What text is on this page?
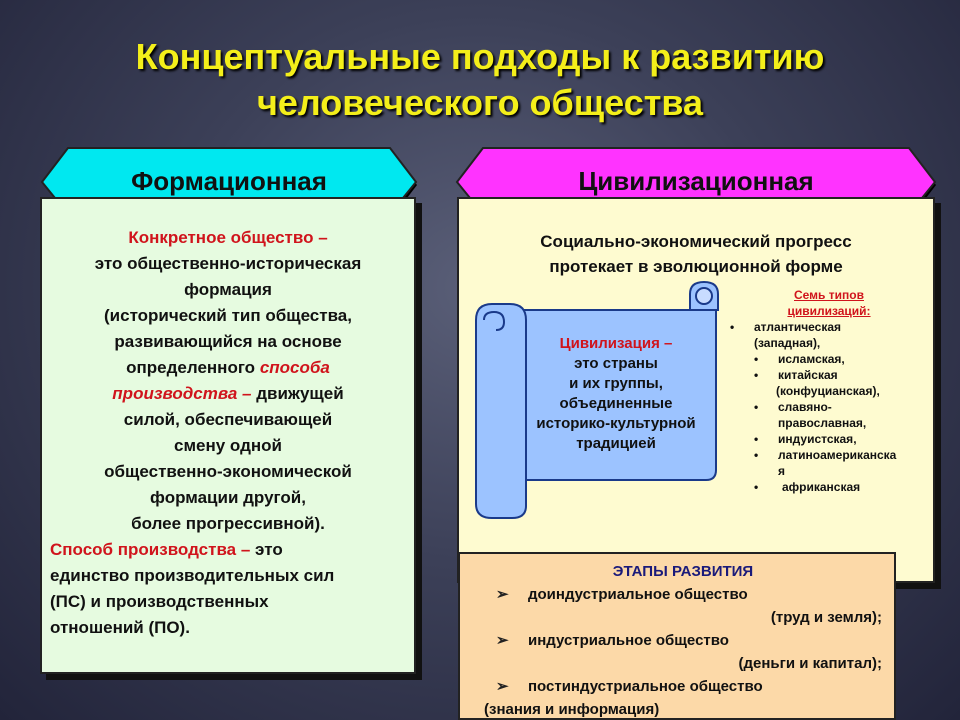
Концептуальные подходы к развитию
человеческого общества
Формационная	Цивилизационная
Конкретное общество –
это общественно-историческая
формация
(исторический тип общества,
развивающийся на основе
определенного способа
производства – движущей
силой, обеспечивающей
смену одной
общественно-экономической
формации другой,
более прогрессивной).
Способ производства – это
единство производительных сил
(ПС) и производственных
отношений (ПО).
Социально-экономический прогресс
протекает в эволюционной форме
Цивилизация –
это страны
и их группы,
объединенные
историко-культурной
традицией
Семь типов
цивилизаций:
• атлантическая
(западная),
• исламская,
• китайская
(конфуцианская),
• славяно-
православная,
• индуистская,
•	латиноамериканска
я
• африканская
ЭТАПЫ РАЗВИТИЯ
➢ доиндустриальное общество
(труд и земля);
➢ индустриальное общество
(деньги и капитал);
➢ постиндустриальное общество
(знания и информация)
